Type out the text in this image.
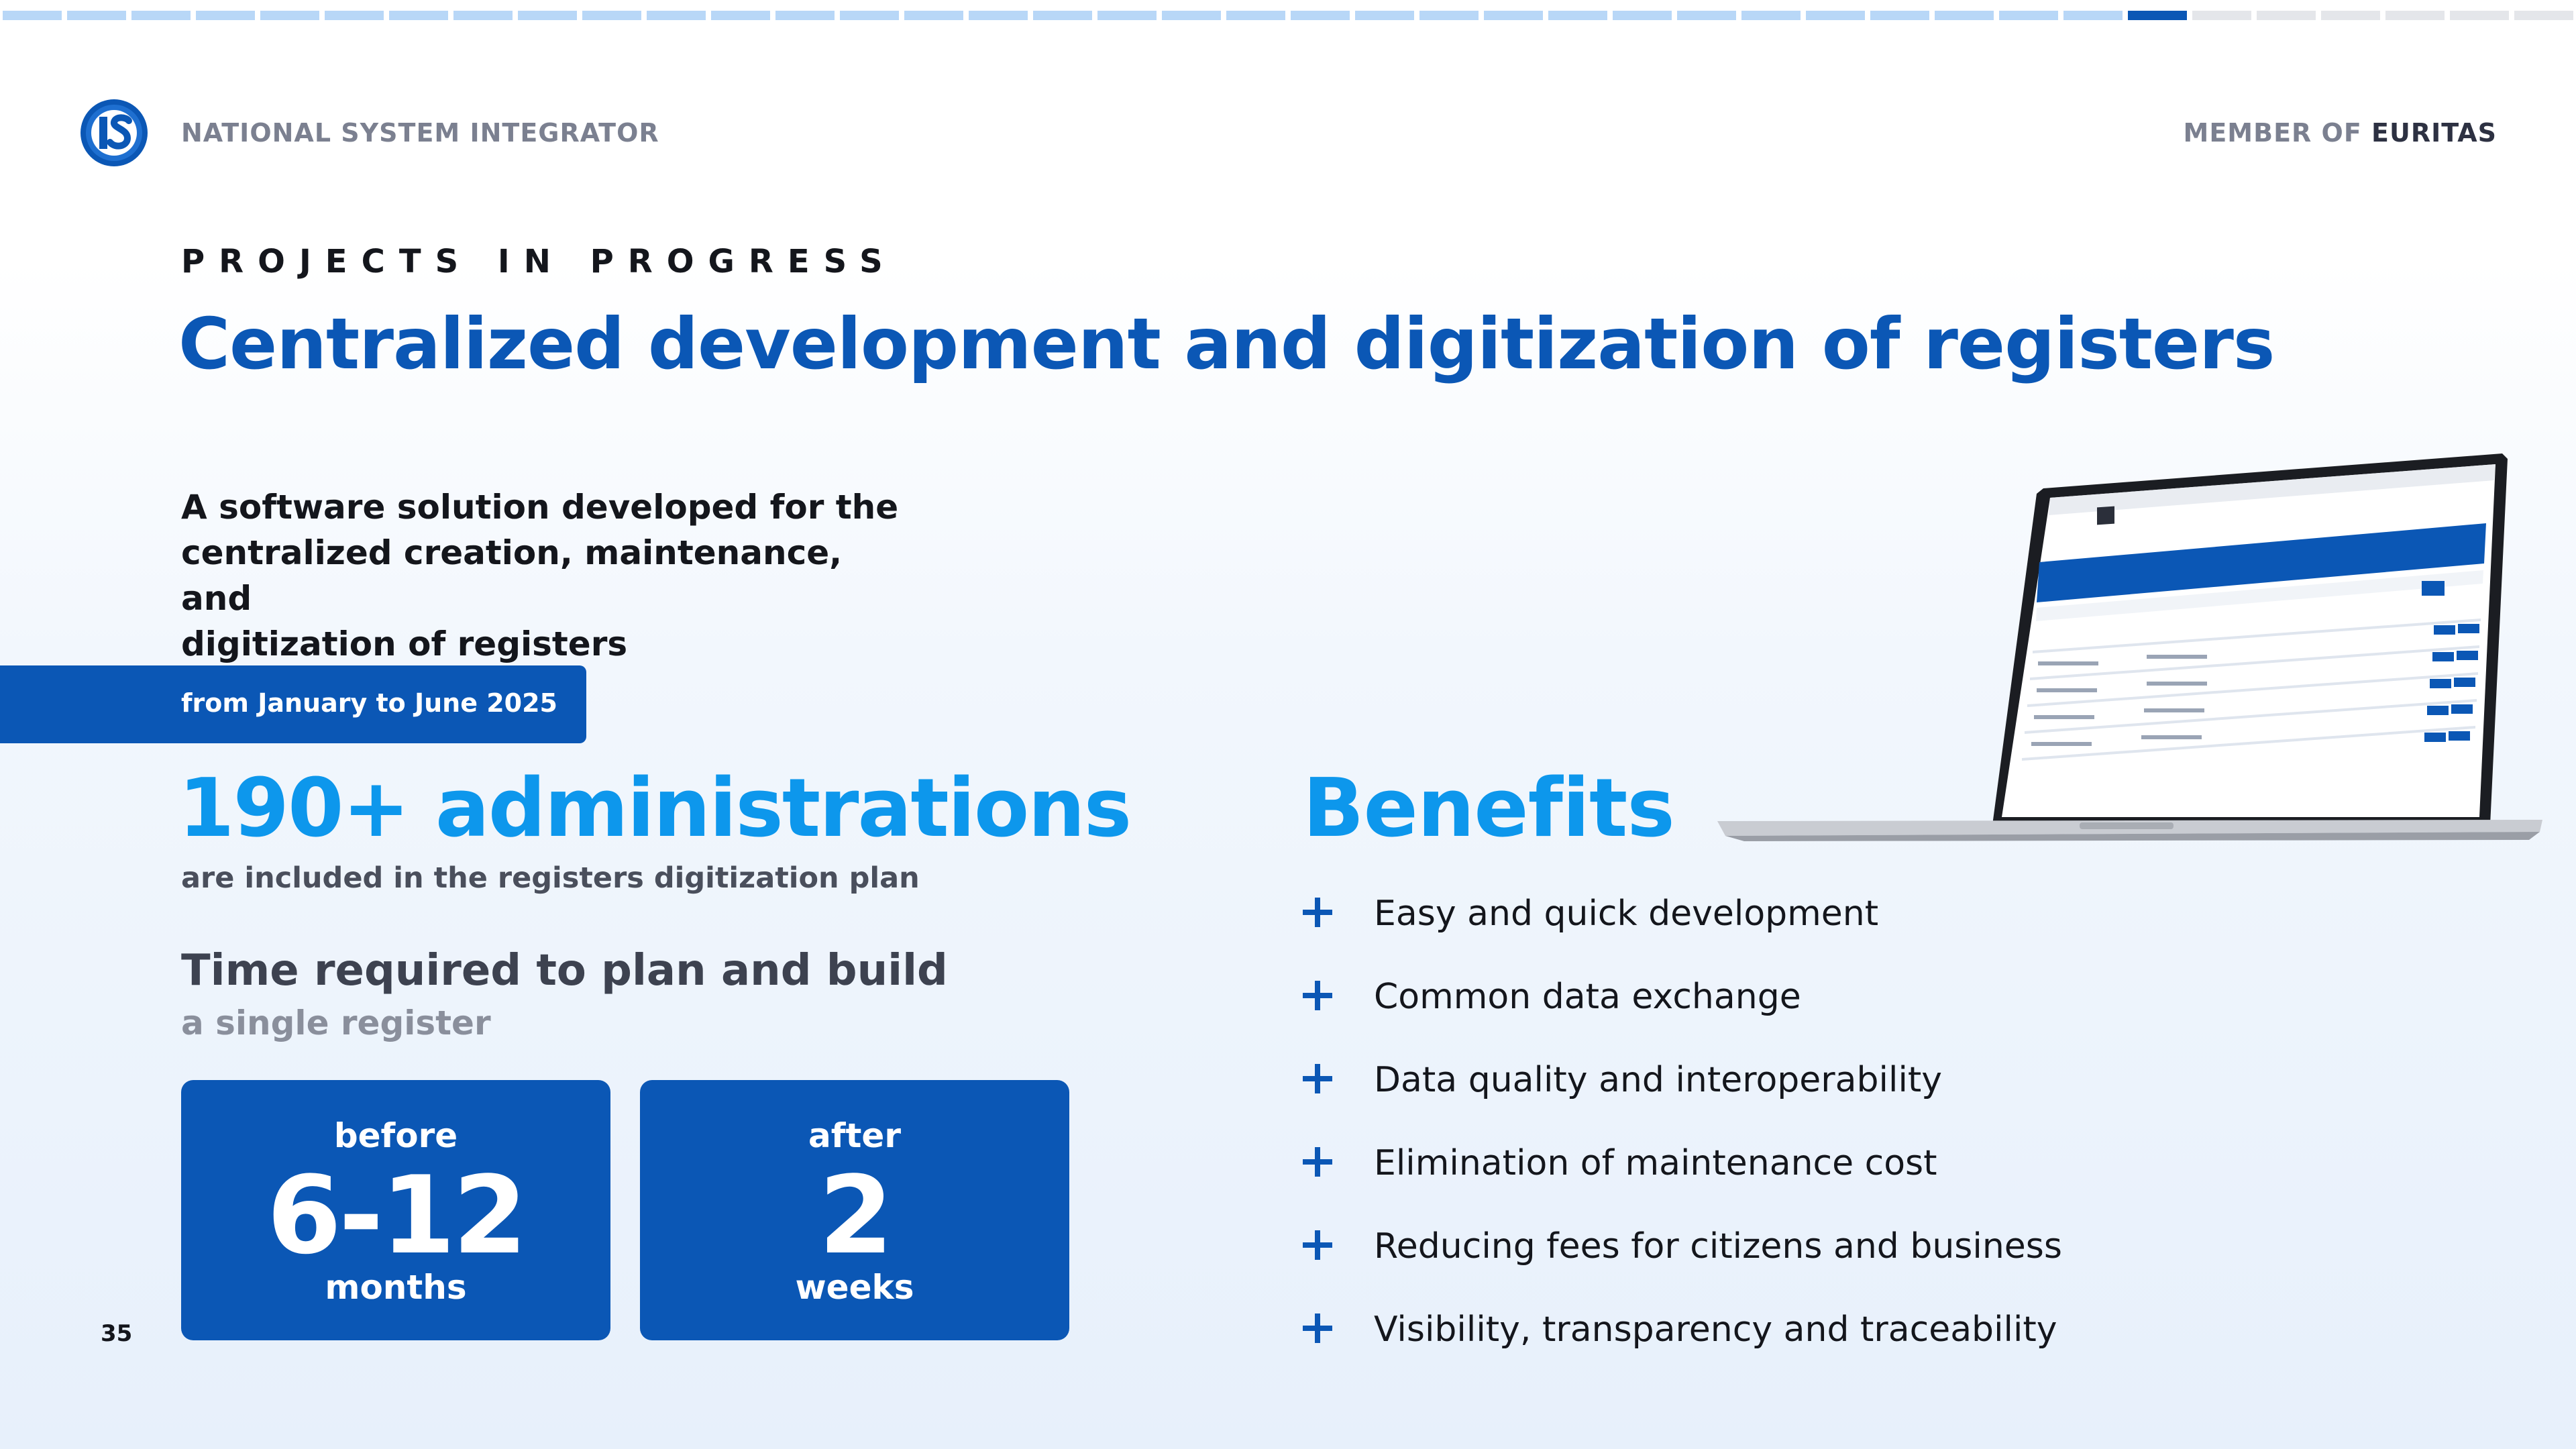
NATIONAL SYSTEM INTEGRATOR	MEMBER OF EURITAS
PROJECTS IN PROGRESS
Centralized development and digitization of registers
A software solution developed for the
centralized creation, maintenance, and
digitization of registers
from January to June 2025
190+ administrations
are included in the registers digitization plan
Time required to plan and build
a single register
before
6-12
months
after
2
weeks
35
Benefits
Easy and quick development
Common data exchange
Data quality and interoperability
Elimination of maintenance cost
Reducing fees for citizens and business
Visibility, transparency and traceability
